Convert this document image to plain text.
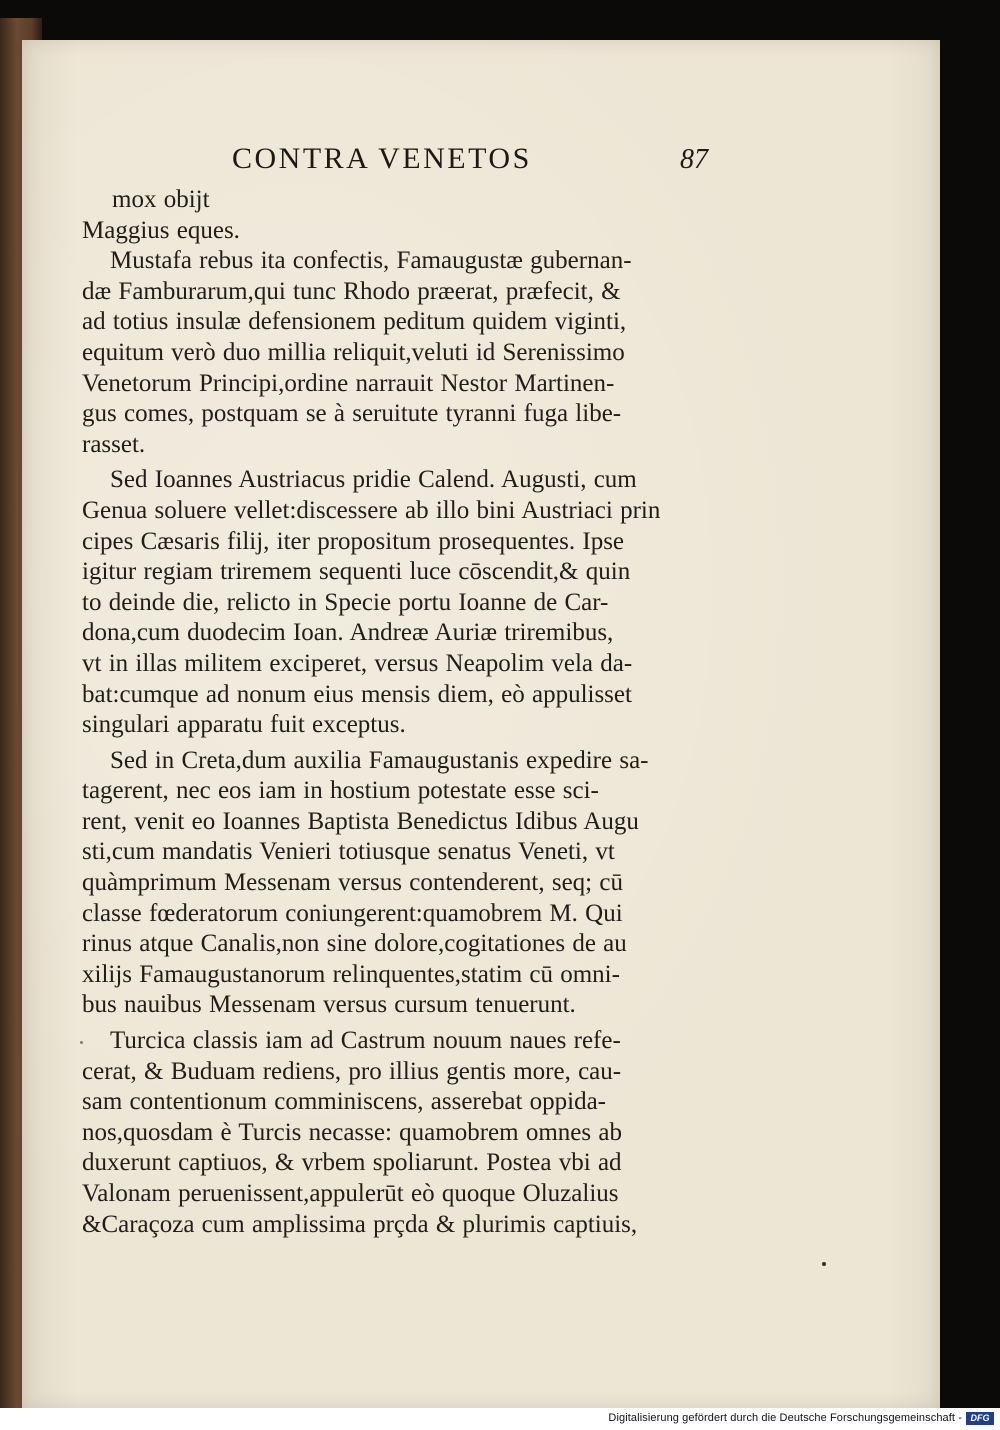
CONTRA VENETOS	87
mox obijt
Maggius eques.
Mustafa rebus ita confectis, Famaugustæ gubernan-
dæ Famburarum,qui tunc Rhodo præerat, præfecit, &
ad totius insulæ defensionem peditum quidem viginti,
equitum verò duo millia reliquit,veluti id Serenissimo
Venetorum Principi,ordine narrauit Nestor Martinen-
gus comes, postquam se à seruitute tyranni fuga libe-
rasset.
Sed Ioannes Austriacus pridie Calend. Augusti, cum
Genua soluere vellet:discessere ab illo bini Austriaci prin
cipes Cæsaris filij, iter propositum prosequentes. Ipse
igitur regiam triremem sequenti luce cōscendit,& quin
to deinde die, relicto in Specie portu Ioanne de Car-
dona,cum duodecim Ioan. Andreæ Auriæ triremibus,
vt in illas militem exciperet, versus Neapolim vela da-
bat:cumque ad nonum eius mensis diem, eò appulisset
singulari apparatu fuit exceptus.
Sed in Creta,dum auxilia Famaugustanis expedire sa-
tagerent, nec eos iam in hostium potestate esse sci-
rent, venit eo Ioannes Baptista Benedictus Idibus Augu
sti,cum mandatis Venieri totiusque senatus Veneti, vt
quàmprimum Messenam versus contenderent, seq; cū
classe fœderatorum coniungerent:quamobrem M. Qui
rinus atque Canalis,non sine dolore,cogitationes de au
xilijs Famaugustanorum relinquentes,statim cū omni-
bus nauibus Messenam versus cursum tenuerunt.
Turcica classis iam ad Castrum nouum naues refe-
cerat, & Buduam rediens, pro illius gentis more, cau-
sam contentionum comminiscens, asserebat oppida-
nos,quosdam è Turcis necasse: quamobrem omnes ab
duxerunt captiuos, & vrbem spoliarunt. Postea vbi ad
Valonam peruenissent,appulerūt eò quoque Oluzalius
&Caraçoza cum amplissima prçda & plurimis captiuis,
Digitalisierung gefördert durch die Deutsche Forschungsgemeinschaft - DFG
